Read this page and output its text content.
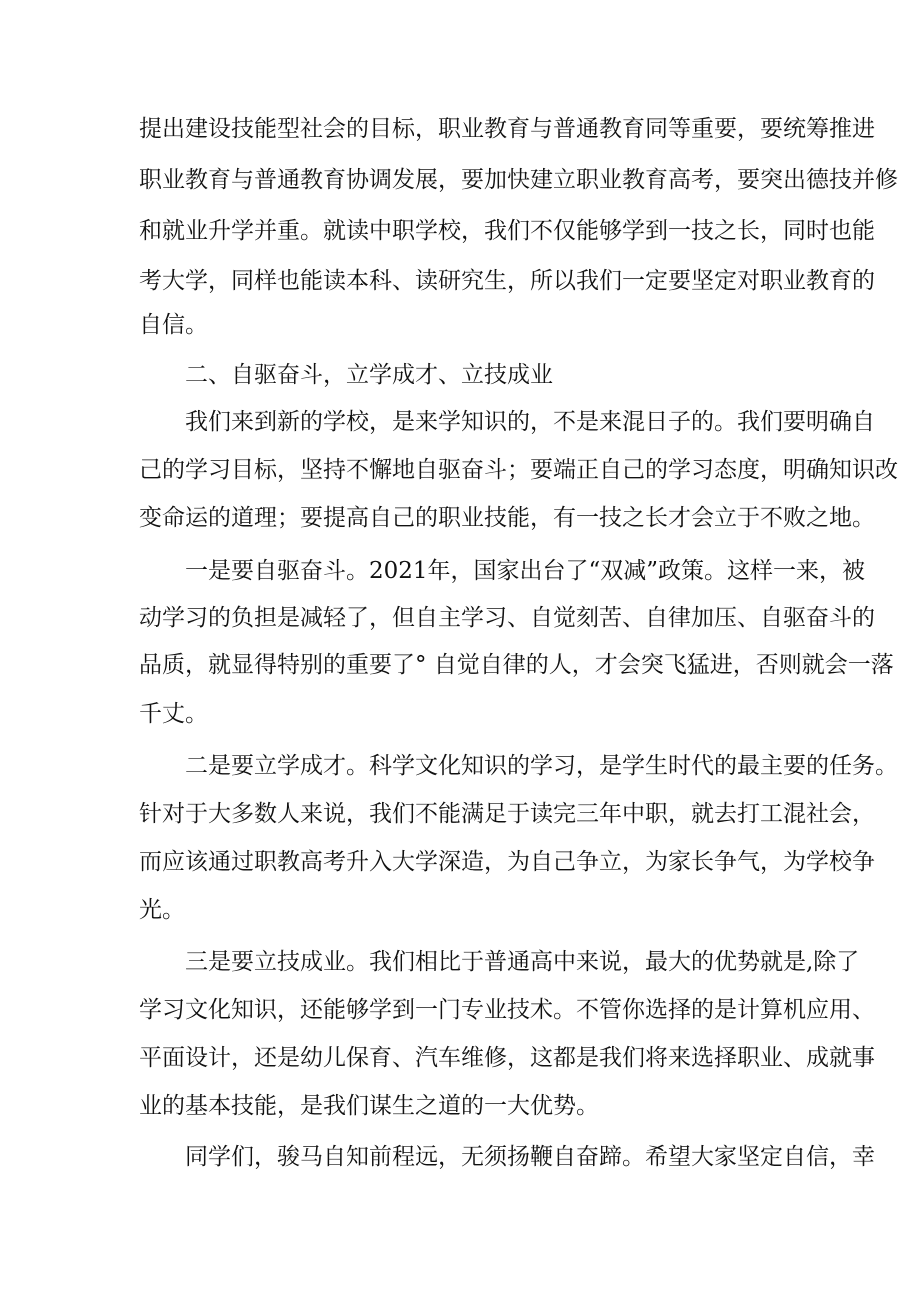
提出建设技能型社会的目标，职业教育与普通教育同等重要，要统筹推进
职业教育与普通教育协调发展，要加快建立职业教育高考，要突出德技并修
和就业升学并重。就读中职学校，我们不仅能够学到一技之长，同时也能
考大学，同样也能读本科、读研究生，所以我们一定要坚定对职业教育的
自信。
二、自驱奋斗，立学成才、立技成业
我们来到新的学校，是来学知识的，不是来混日子的。我们要明确自
己的学习目标，坚持不懈地自驱奋斗；要端正自己的学习态度，明确知识改
变命运的道理；要提高自己的职业技能，有一技之长才会立于不败之地。
一是要自驱奋斗。2021年，国家出台了“双减”政策。这样一来，被
动学习的负担是减轻了，但自主学习、自觉刻苦、自律加压、自驱奋斗的
品质，就显得特别的重要了° 自觉自律的人，才会突飞猛进，否则就会一落
千丈。
二是要立学成才。科学文化知识的学习，是学生时代的最主要的任务。
针对于大多数人来说，我们不能满足于读完三年中职，就去打工混社会，
而应该通过职教高考升入大学深造，为自己争立，为家长争气，为学校争
光。
三是要立技成业。我们相比于普通高中来说，最大的优势就是,除了
学习文化知识，还能够学到一门专业技术。不管你选择的是计算机应用、
平面设计，还是幼儿保育、汽车维修，这都是我们将来选择职业、成就事
业的基本技能，是我们谋生之道的一大优势。
同学们，骏马自知前程远，无须扬鞭自奋蹄。希望大家坚定自信，幸
